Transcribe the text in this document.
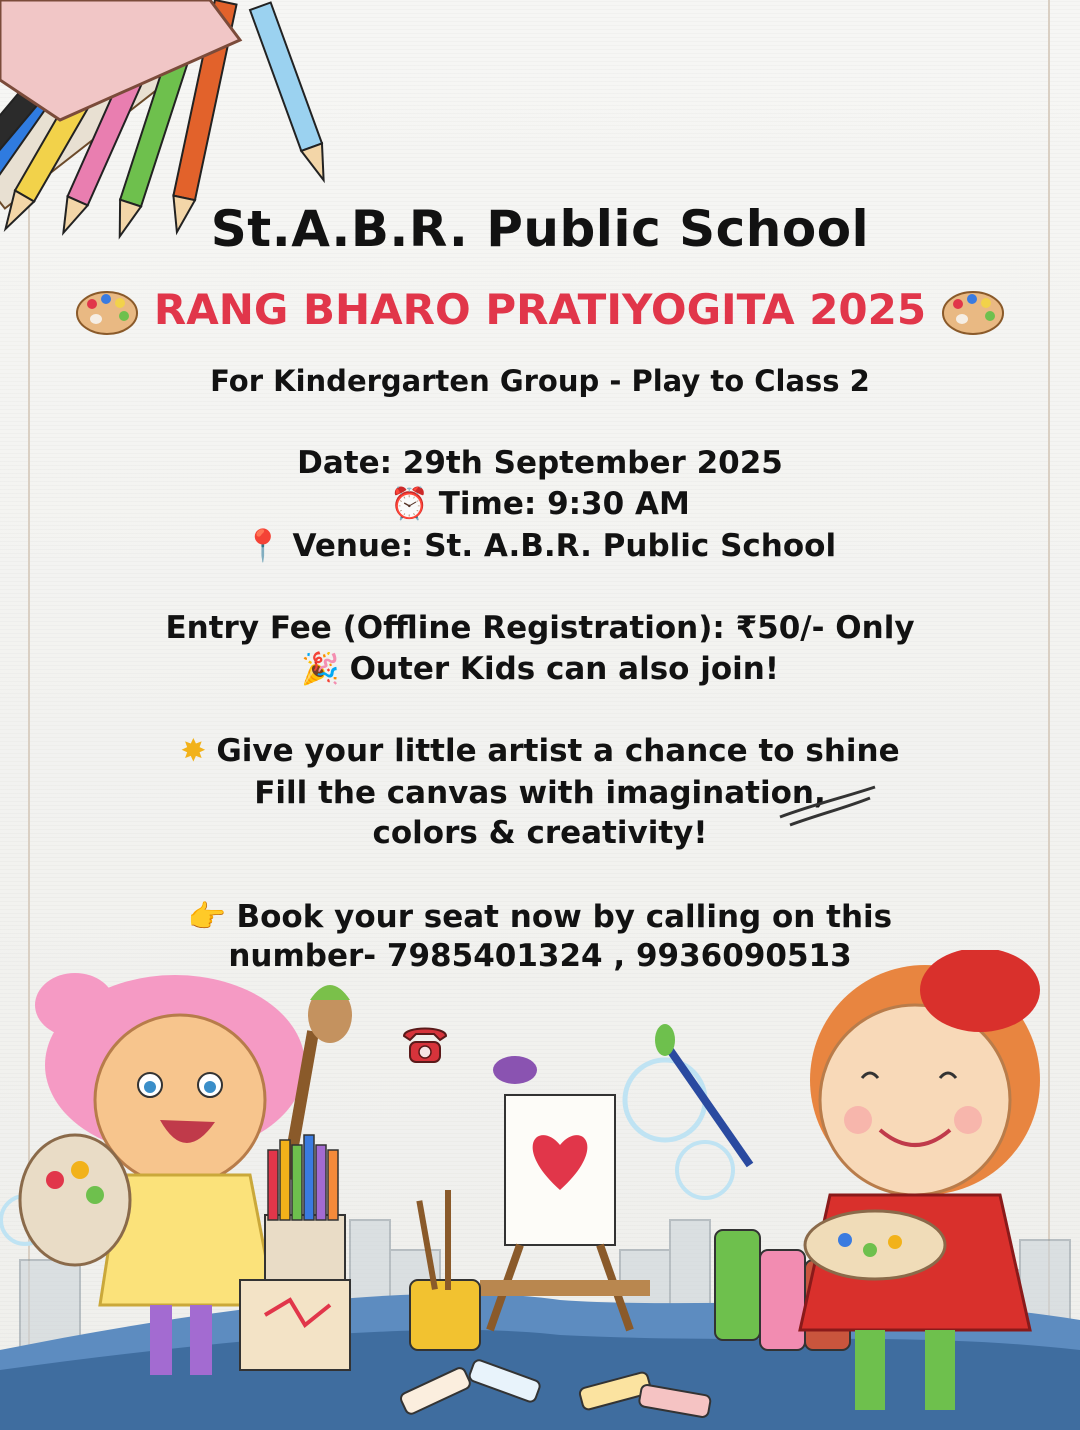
St.A.B.R. Public School
RANG BHARO PRATIYOGITA 2025
For Kindergarten Group - Play to Class 2
Date: 29th September 2025
⏰ Time: 9:30 AM
📍 Venue: St. A.B.R. Public School
Entry Fee (Offline Registration): ₹50/- Only
🎉 Outer Kids can also join!
✸ Give your little artist a chance to shine
Fill the canvas with imagination,
colors & creativity!
👉 Book your seat now by calling on this
number- 7985401324 , 9936090513
